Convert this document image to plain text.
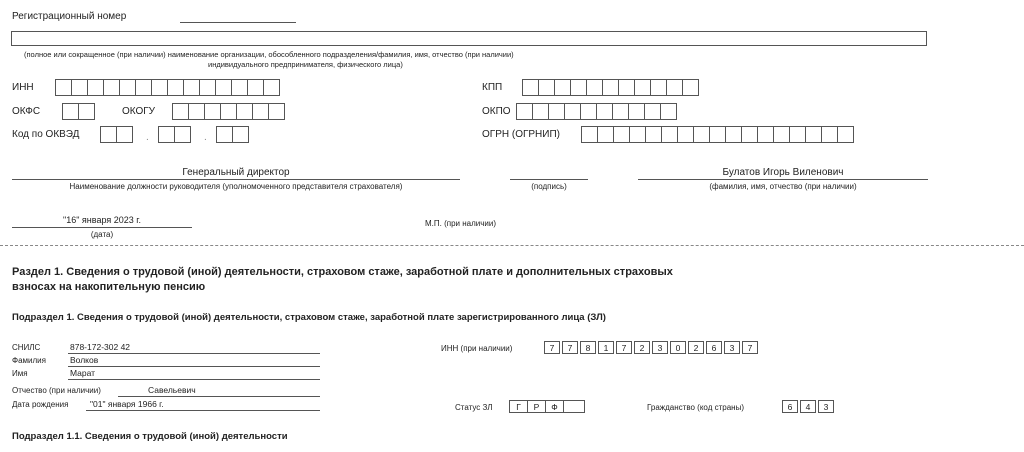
Регистрационный номер
(полное или сокращенное (при наличии) наименование организации, обособленного подразделения/фамилия, имя, отчество (при наличии)
индивидуального предпринимателя, физического лица)
ИНН	КПП
ОКФС	ОКОГУ	ОКПО
Код по ОКВЭД	.	.	ОГРН (ОГРНИП)
Генеральный директор
Наименование должности руководителя (уполномоченного представителя страхователя)	(подпись)
Булатов Игорь Виленович
(фамилия, имя, отчество (при наличии)
"16" января 2023 г.
(дата)
М.П. (при наличии)
Раздел 1. Сведения о трудовой (иной) деятельности, страховом стаже, заработной плате и дополнительных страховых
взносах на накопительную пенсию
Подраздел 1. Сведения о трудовой (иной) деятельности, страховом стаже, заработной плате зарегистрированного лица (ЗЛ)
СНИЛС	878-172-302 42
Фамилия	Волков
Имя	Марат
Отчество (при наличии)	Савельевич
Дата рождения	"01" января 1966 г.
ИНН (при наличии)	7	7	8	1	7	2	3	0	2	6	3	7
Статус ЗЛ	Г	Р	Ф	Гражданство (код страны)	6	4	3
Подраздел 1.1. Сведения о трудовой (иной) деятельности
